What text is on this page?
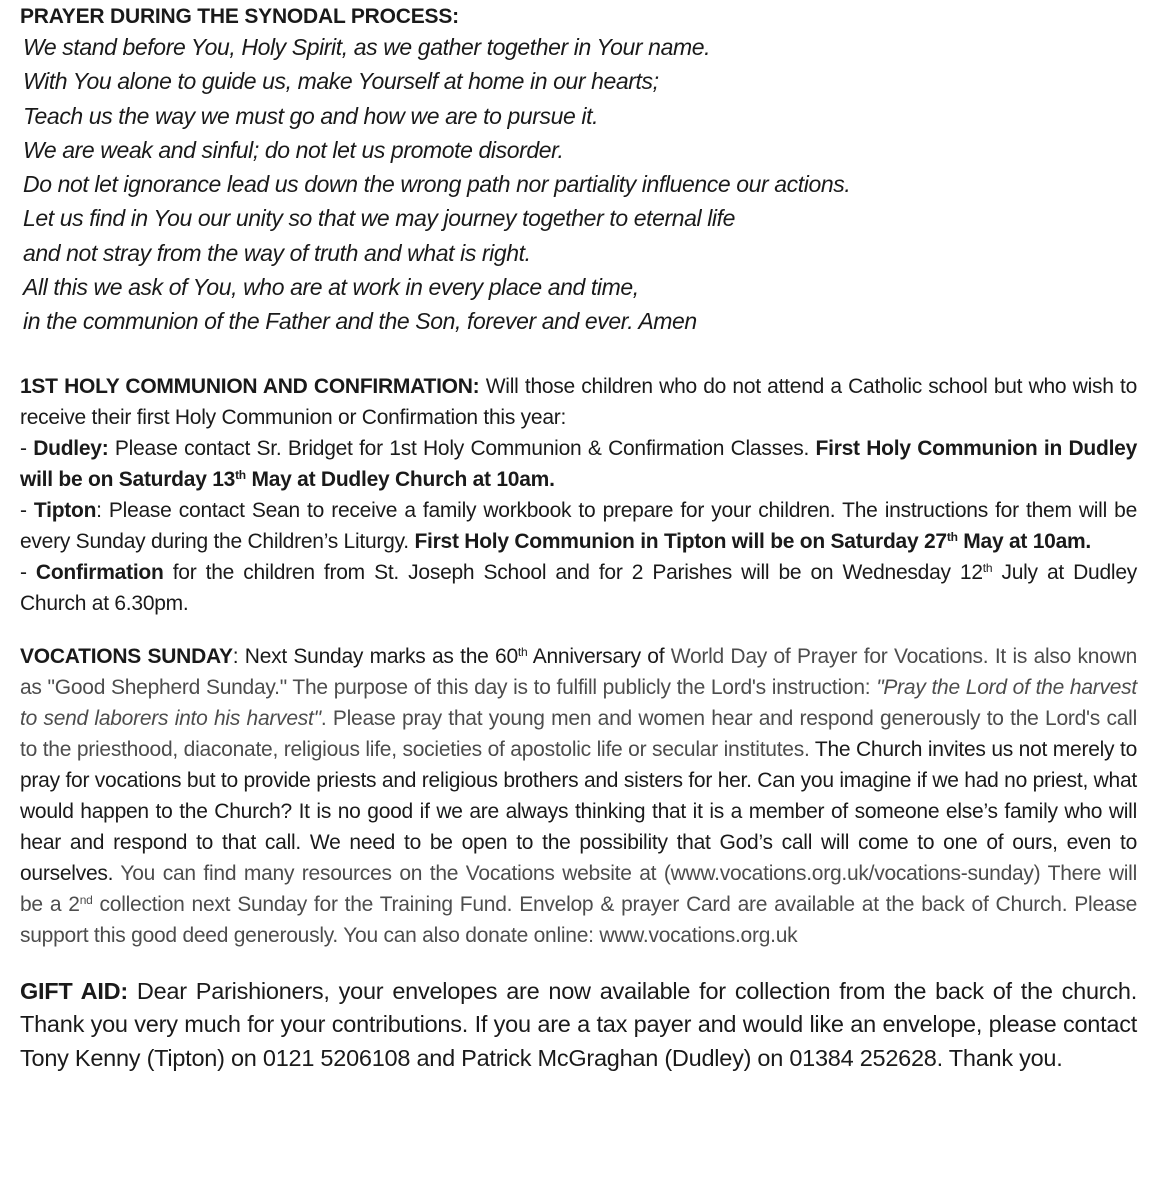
PRAYER DURING THE SYNODAL PROCESS:
We stand before You, Holy Spirit, as we gather together in Your name.
With You alone to guide us, make Yourself at home in our hearts;
Teach us the way we must go and how we are to pursue it.
We are weak and sinful; do not let us promote disorder.
Do not let ignorance lead us down the wrong path nor partiality influence our actions.
Let us find in You our unity so that we may journey together to eternal life
and not stray from the way of truth and what is right.
All this we ask of You, who are at work in every place and time,
in the communion of the Father and the Son, forever and ever. Amen

1ST HOLY COMMUNION AND CONFIRMATION: Will those children who do not attend a Catholic school but who wish to receive their first Holy Communion or Confirmation this year:

- Dudley: Please contact Sr. Bridget for 1st Holy Communion & Confirmation Classes. First Holy Communion in Dudley will be on Saturday 13th May at Dudley Church at 10am.

- Tipton: Please contact Sean to receive a family workbook to prepare for your children. The instructions for them will be every Sunday during the Children’s Liturgy. First Holy Communion in Tipton will be on Saturday 27th May at 10am.

- Confirmation for the children from St. Joseph School and for 2 Parishes will be on Wednesday 12th July at Dudley Church at 6.30pm.

VOCATIONS SUNDAY: Next Sunday marks as the 60th Anniversary of World Day of Prayer for Vocations. It is also known as "Good Shepherd Sunday." The purpose of this day is to fulfill publicly the Lord's instruction: "Pray the Lord of the harvest to send laborers into his harvest". Please pray that young men and women hear and respond generously to the Lord's call to the priesthood, diaconate, religious life, societies of apostolic life or secular institutes. The Church invites us not merely to pray for vocations but to provide priests and religious brothers and sisters for her. Can you imagine if we had no priest, what would happen to the Church? It is no good if we are always thinking that it is a member of someone else’s family who will hear and respond to that call. We need to be open to the possibility that God’s call will come to one of ours, even to ourselves. You can find many resources on the Vocations website at (www.vocations.org.uk/vocations-sunday) There will be a 2nd collection next Sunday for the Training Fund. Envelop & prayer Card are available at the back of Church. Please support this good deed generously. You can also donate online: www.vocations.org.uk

GIFT AID: Dear Parishioners, your envelopes are now available for collection from the back of the church. Thank you very much for your contributions. If you are a tax payer and would like an envelope, please contact Tony Kenny (Tipton) on 0121 5206108 and Patrick McGraghan (Dudley) on 01384 252628. Thank you.
